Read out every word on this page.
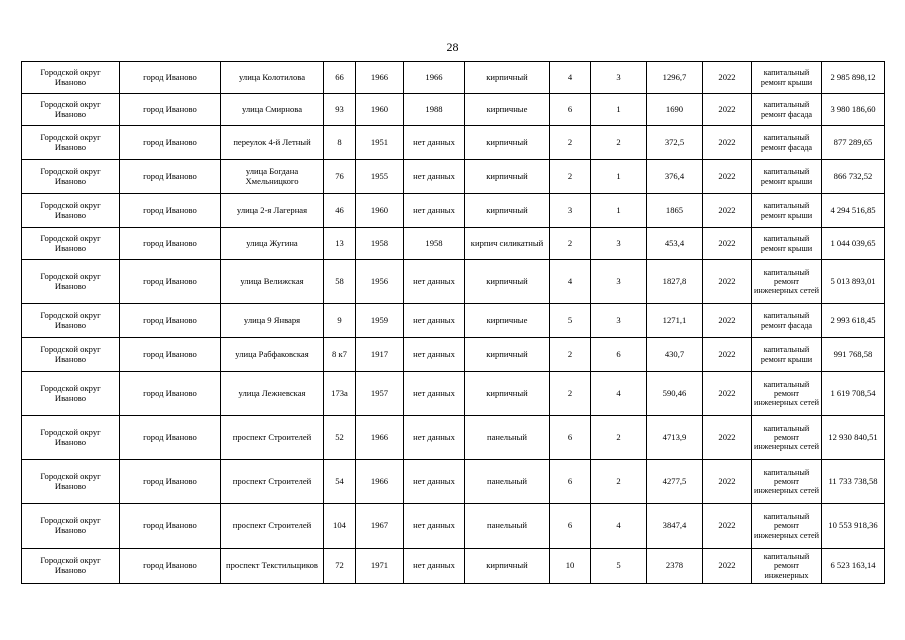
28
Городской округ Иваново	город Иваново	улица Колотилова	66	1966	1966	кирпичный	4	3	1296,7	2022	капитальный ремонт крыши	2 985 898,12
Городской округ Иваново	город Иваново	улица Смирнова	93	1960	1988	кирпичные	6	1	1690	2022	капитальный ремонт фасада	3 980 186,60
Городской округ Иваново	город Иваново	переулок 4-й Летный	8	1951	нет данных	кирпичный	2	2	372,5	2022	капитальный ремонт фасада	877 289,65
Городской округ Иваново	город Иваново	улица Богдана Хмельницкого	76	1955	нет данных	кирпичный	2	1	376,4	2022	капитальный ремонт крыши	866 732,52
Городской округ Иваново	город Иваново	улица 2-я Лагерная	46	1960	нет данных	кирпичный	3	1	1865	2022	капитальный ремонт крыши	4 294 516,85
Городской округ Иваново	город Иваново	улица Жугина	13	1958	1958	кирпич силикатный	2	3	453,4	2022	капитальный ремонт крыши	1 044 039,65
Городской округ Иваново	город Иваново	улица Велижская	58	1956	нет данных	кирпичный	4	3	1827,8	2022	капитальный ремонт инженерных сетей	5 013 893,01
Городской округ Иваново	город Иваново	улица 9 Января	9	1959	нет данных	кирпичные	5	3	1271,1	2022	капитальный ремонт фасада	2 993 618,45
Городской округ Иваново	город Иваново	улица Рабфаковская	8 к7	1917	нет данных	кирпичный	2	6	430,7	2022	капитальный ремонт крыши	991 768,58
Городской округ Иваново	город Иваново	улица Лежневская	173а	1957	нет данных	кирпичный	2	4	590,46	2022	капитальный ремонт инженерных сетей	1 619 708,54
Городской округ Иваново	город Иваново	проспект Строителей	52	1966	нет данных	панельный	6	2	4713,9	2022	капитальный ремонт инженерных сетей	12 930 840,51
Городской округ Иваново	город Иваново	проспект Строителей	54	1966	нет данных	панельный	6	2	4277,5	2022	капитальный ремонт инженерных сетей	11 733 738,58
Городской округ Иваново	город Иваново	проспект Строителей	104	1967	нет данных	панельный	6	4	3847,4	2022	капитальный ремонт инженерных сетей	10 553 918,36
Городской округ Иваново	город Иваново	проспект Текстильщиков	72	1971	нет данных	кирпичный	10	5	2378	2022	капитальный ремонт инженерных	6 523 163,14
